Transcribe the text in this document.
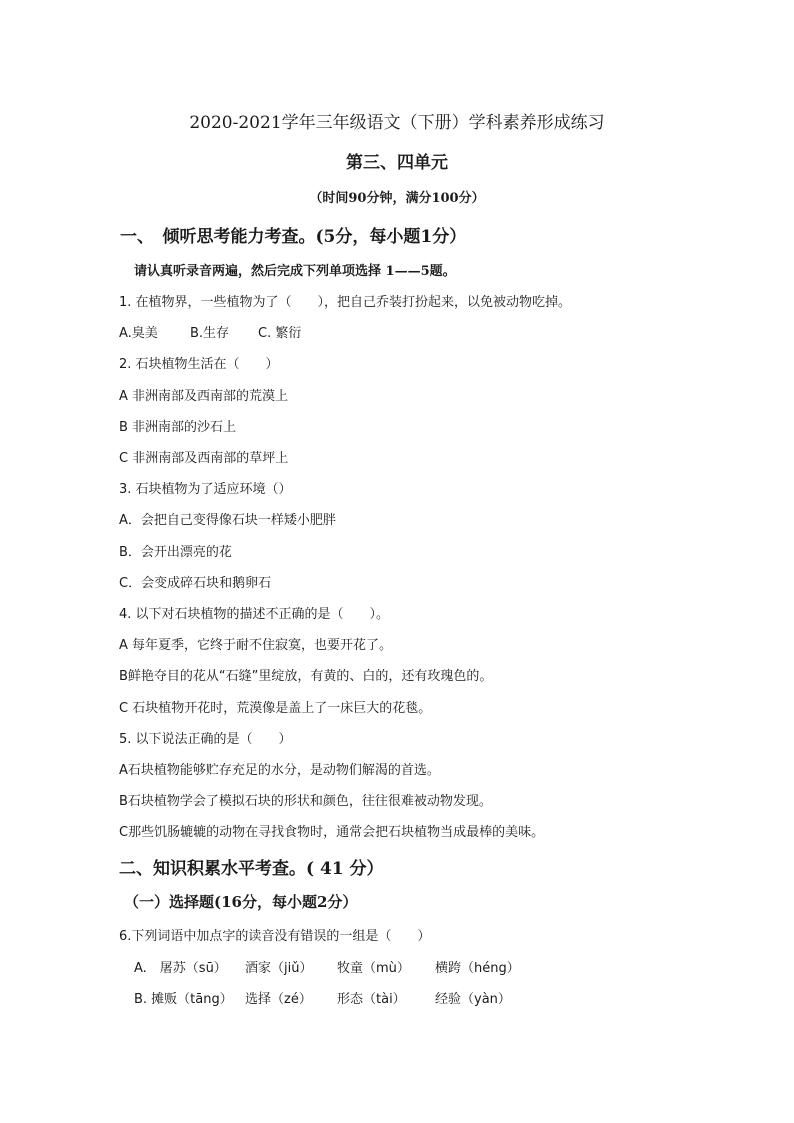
2020-2021学年三年级语文（下册）学科素养形成练习
第三、四单元
（时间90分钟，满分100分）
一、　倾听思考能力考查。(5分，每小题1分）
请认真听录音两遍，然后完成下列单项选择 1——5题。
1. 在植物界，一些植物为了（　　），把自己乔装打扮起来，以免被动物吃掉。
A.臭美 B.生存 C. 繁衍
2. 石块植物生活在（　　）
A 非洲南部及西南部的荒漠上
B 非洲南部的沙石上
C 非洲南部及西南部的草坪上
3. 石块植物为了适应环境（）
A．会把自己变得像石块一样矮小肥胖
B．会开出漂亮的花
C．会变成碎石块和鹅卵石
4. 以下对石块植物的描述不正确的是（　　）。
A 每年夏季，它终于耐不住寂寞，也要开花了。
B鲜艳夺目的花从“石缝”里绽放，有黄的、白的，还有玫瑰色的。
C 石块植物开花时，荒漠像是盖上了一床巨大的花毯。
5. 以下说法正确的是（　　）
A石块植物能够贮存充足的水分，是动物们解渴的首选。
B石块植物学会了模拟石块的形状和颜色，往往很难被动物发现。
C那些饥肠辘辘的动物在寻找食物时，通常会把石块植物当成最棒的美味。
二、知识积累水平考查。( 41 分）
（一）选择题(16分，每小题2分）
6.下列词语中加点字的读音没有错误的一组是（　　）
A.　屠苏（sū） 酒家（jiǔ） 牧童（mù） 横跨（héng）
B. 摊贩（tāng） 选择（zé） 形态（tài） 经验（yàn）
